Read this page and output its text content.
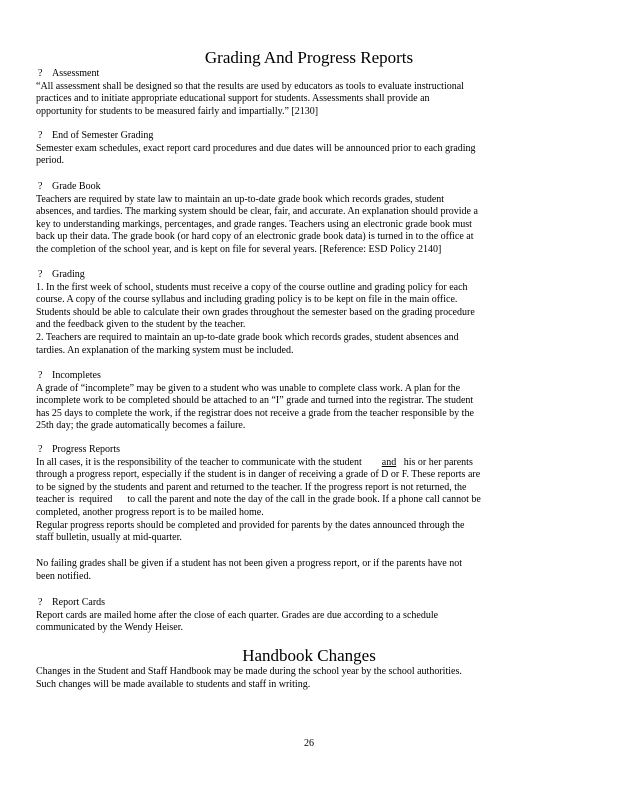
Grading And Progress Reports
? Assessment

“All assessment shall be designed so that the results are used by educators as tools to evaluate instructional

practices and to initiate appropriate educational support for students. Assessments shall provide an

opportunity for students to be measured fairly and impartially.” [2130]

? End of Semester Grading

Semester exam schedules, exact report card procedures and due dates will be announced prior to each grading

period.

? Grade Book

Teachers are required by state law to maintain an up-to-date grade book which records grades, student

absences, and tardies. The marking system should be clear, fair, and accurate. An explanation should provide a

key to understanding markings, percentages, and grade ranges. Teachers using an electronic grade book must

back up their data. The grade book (or hard copy of an electronic grade book data) is turned in to the office at

the completion of the school year, and is kept on file for several years. [Reference: ESD Policy 2140]

? Grading

1. In the first week of school, students must receive a copy of the course outline and grading policy for each

course. A copy of the course syllabus and including grading policy is to be kept on file in the main office.

Students should be able to calculate their own grades throughout the semester based on the grading procedure

and the feedback given to the student by the teacher.

2. Teachers are required to maintain an up-to-date grade book which records grades, student absences and

tardies. An explanation of the marking system must be included.

? Incompletes

A grade of “incomplete” may be given to a student who was unable to complete class work. A plan for the

incomplete work to be completed should be attached to an “I” grade and turned into the registrar. The student

has 25 days to complete the work, if the registrar does not receive a grade from the teacher responsible by the

25th day; the grade automatically becomes a failure.

? Progress Reports

In all cases, it is the responsibility of the teacher to communicate with the student and his or her parents

through a progress report, especially if the student is in danger of receiving a grade of D or F. These reports are

to be signed by the students and parent and returned to the teacher. If the progress report is not returned, the

teacher is required to call the parent and note the day of the call in the grade book. If a phone call cannot be

completed, another progress report is to be mailed home.

Regular progress reports should be completed and provided for parents by the dates announced through the

staff bulletin, usually at mid-quarter.

No failing grades shall be given if a student has not been given a progress report, or if the parents have not

been notified.

? Report Cards

Report cards are mailed home after the close of each quarter. Grades are due according to a schedule

communicated by the Wendy Heiser.

Handbook Changes

Changes in the Student and Staff Handbook may be made during the school year by the school authorities.

Such changes will be made available to students and staff in writing.

26
